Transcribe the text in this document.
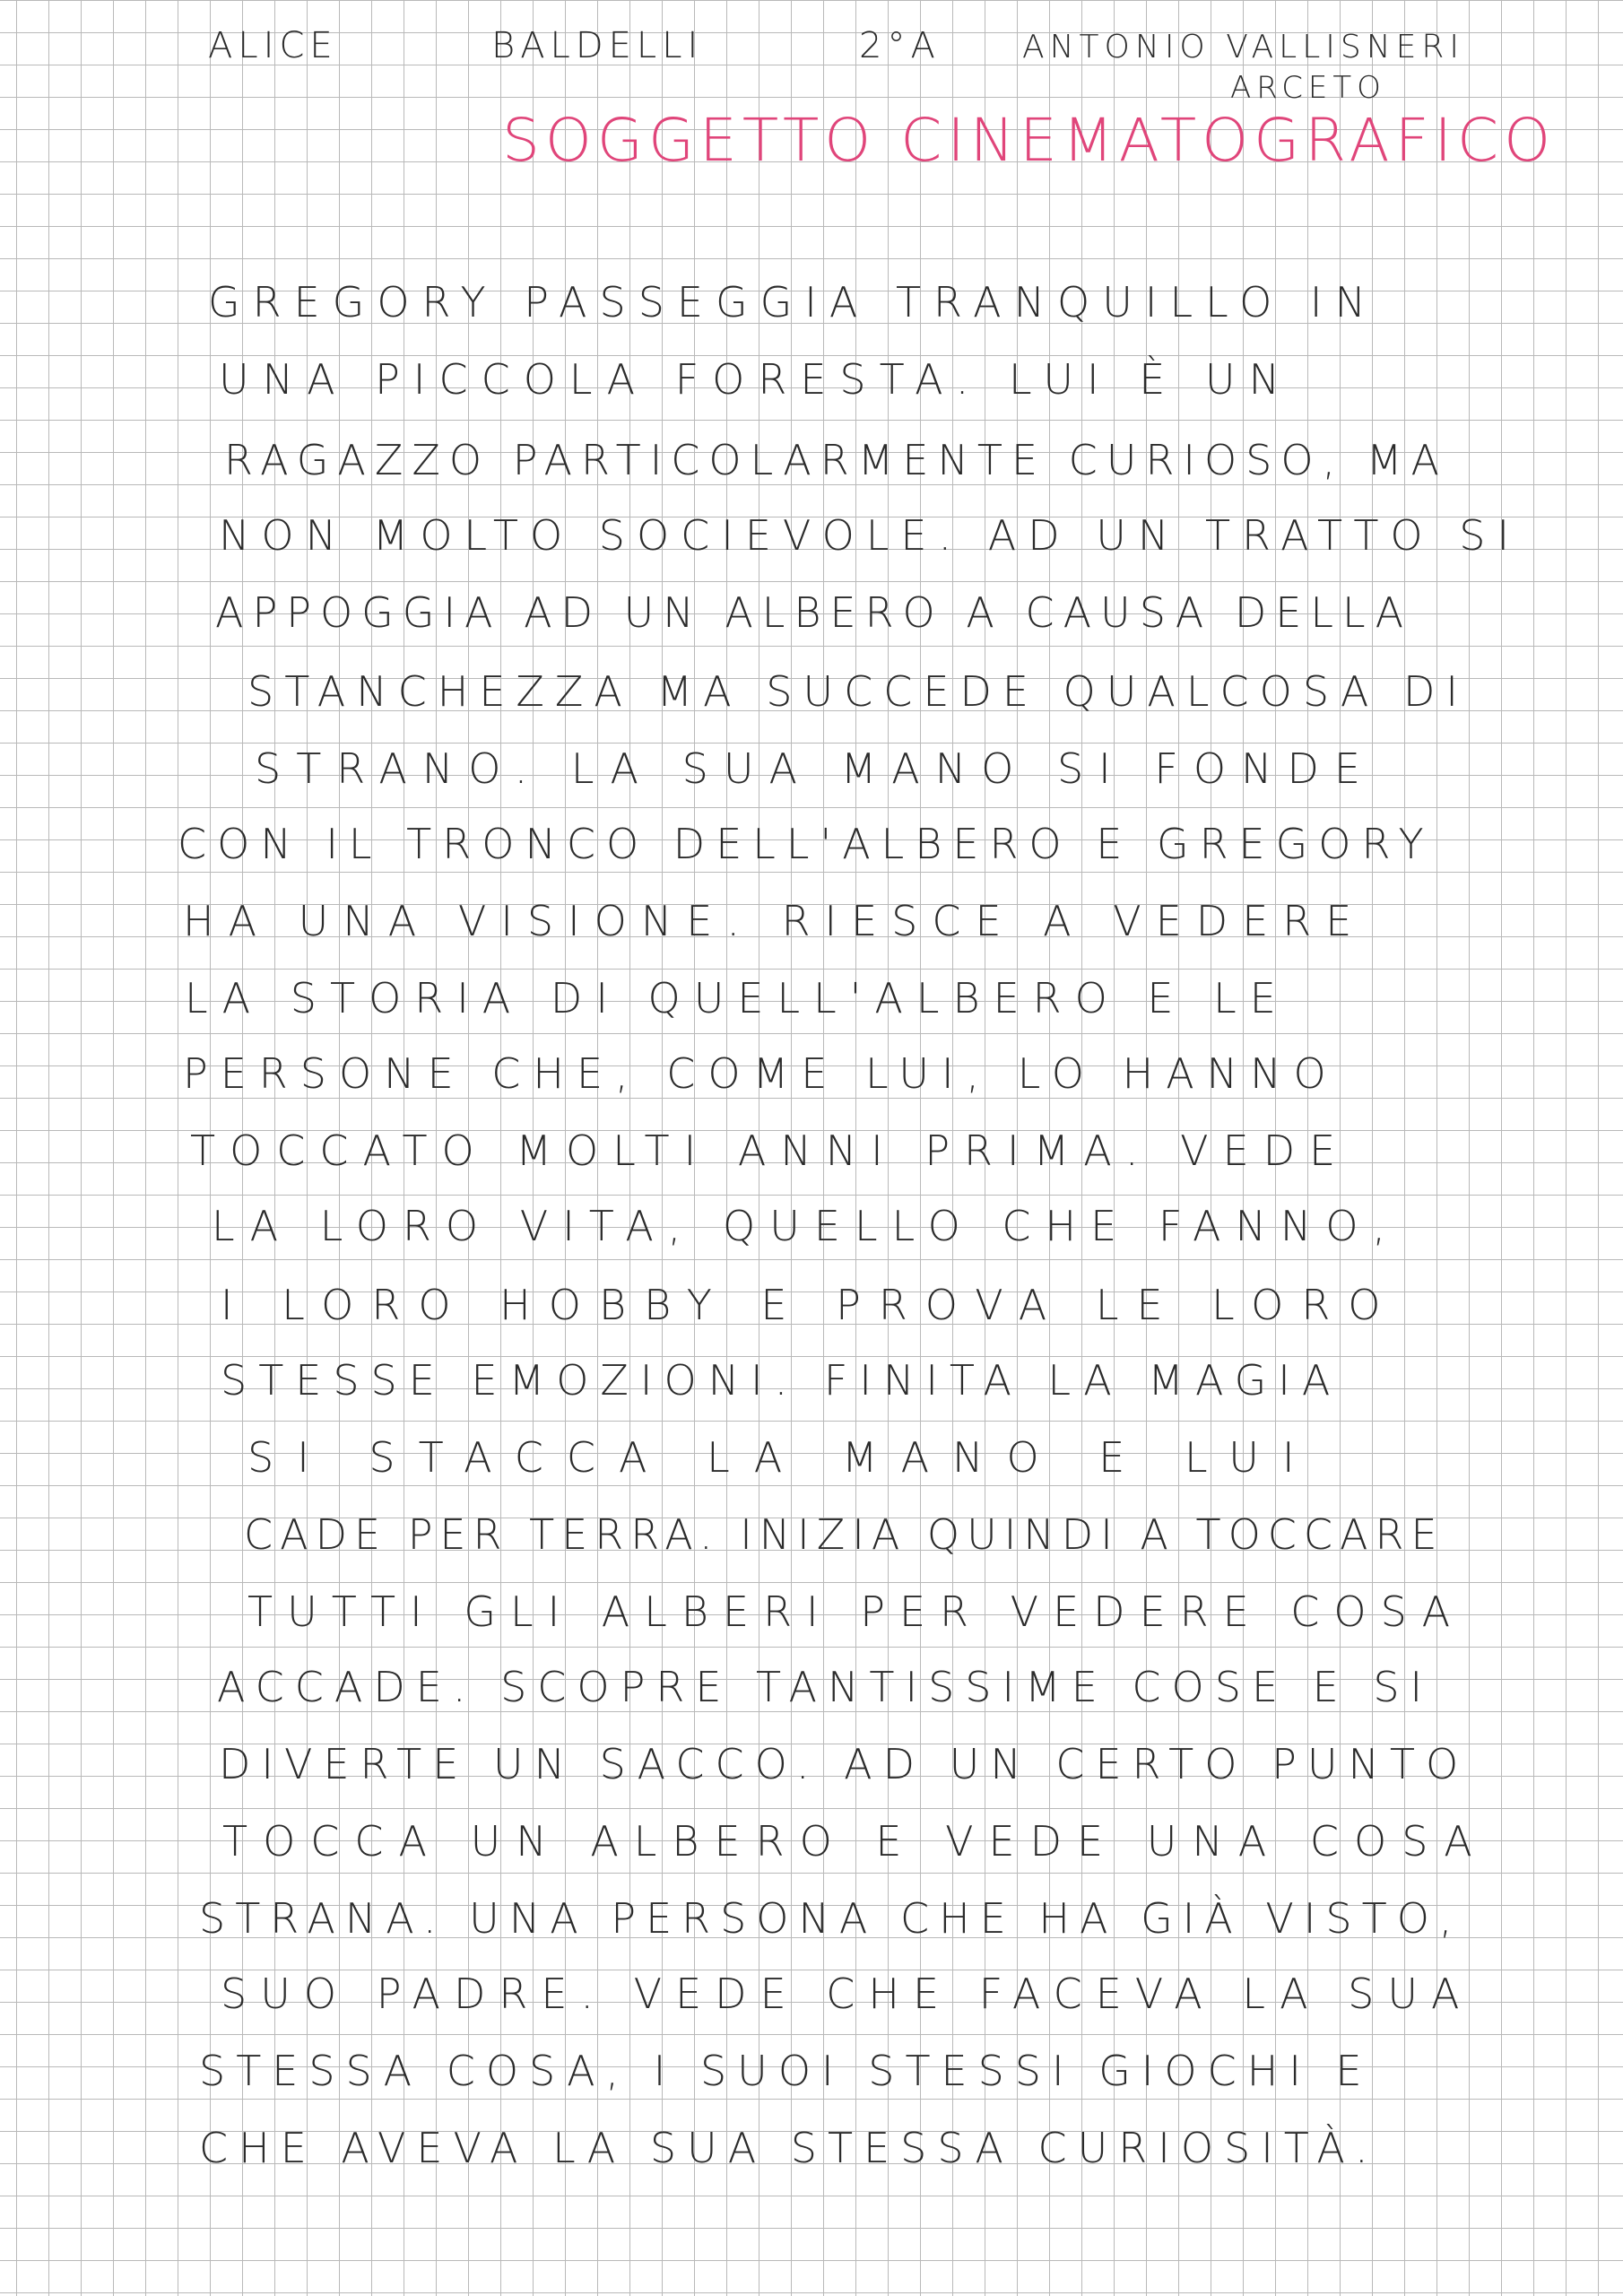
ALICE	BALDELLI	2°A	ANTONIO VALLISNERI
ARCETO
SOGGETTO CINEMATOGRAFICO
GREGORY PASSEGGIA TRANQUILLO IN
UNA PICCOLA FORESTA. LUI È UN
RAGAZZO PARTICOLARMENTE CURIOSO, MA
NON MOLTO SOCIEVOLE. AD UN TRATTO SI
APPOGGIA AD UN ALBERO A CAUSA DELLA
STANCHEZZA MA SUCCEDE QUALCOSA DI
STRANO. LA SUA MANO SI FONDE
CON IL TRONCO DELL'ALBERO E GREGORY
HA UNA VISIONE. RIESCE A VEDERE
LA STORIA DI QUELL'ALBERO E LE
PERSONE CHE, COME LUI, LO HANNO
TOCCATO MOLTI ANNI PRIMA. VEDE
LA LORO VITA, QUELLO CHE FANNO,
I LORO HOBBY E PROVA LE LORO
STESSE EMOZIONI. FINITA LA MAGIA
SI STACCA LA MANO E LUI
CADE PER TERRA. INIZIA QUINDI A TOCCARE
TUTTI GLI ALBERI PER VEDERE COSA
ACCADE. SCOPRE TANTISSIME COSE E SI
DIVERTE UN SACCO. AD UN CERTO PUNTO
TOCCA UN ALBERO E VEDE UNA COSA
STRANA. UNA PERSONA CHE HA GIÀ VISTO,
SUO PADRE. VEDE CHE FACEVA LA SUA
STESSA COSA, I SUOI STESSI GIOCHI E
CHE AVEVA LA SUA STESSA CURIOSITÀ.
